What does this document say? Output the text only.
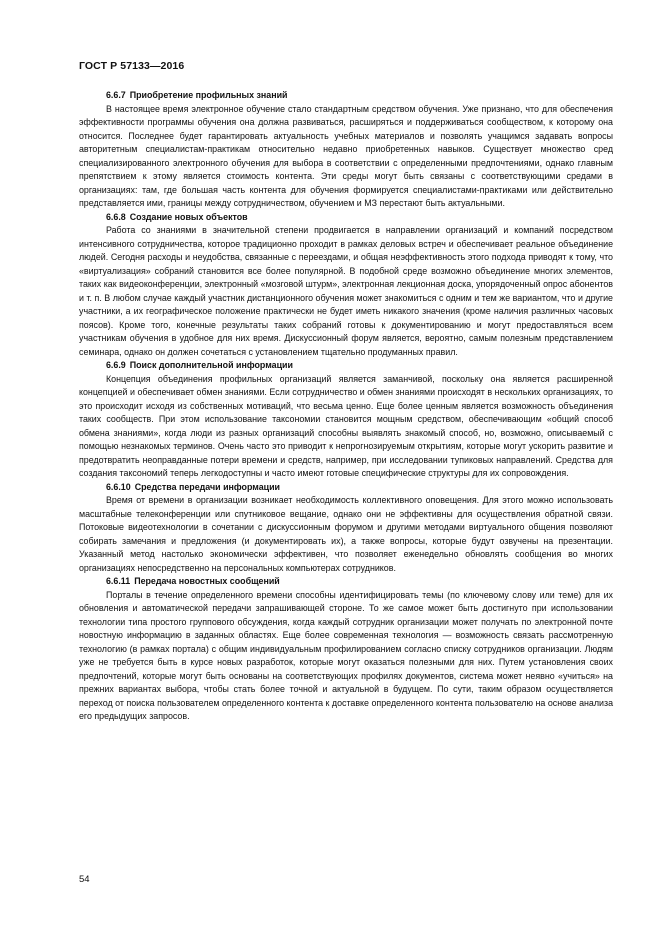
ГОСТ Р 57133—2016

6.6.7 Приобретение профильных знаний

В настоящее время электронное обучение стало стандартным средством обучения. Уже признано, что для обеспечения эффективности программы обучения она должна развиваться, расширяться и поддерживаться сообществом, к которому она относится. Последнее будет гарантировать актуальность учебных материалов и позволять учащимся задавать вопросы авторитетным специалистам-практикам относительно недавно приобретенных навыков. Существует множество сред специализированного электронного обучения для выбора в соответствии с определенными предпочтениями, однако главным препятствием к этому является стоимость контента. Эти среды могут быть связаны с соответствующими средами в организациях: там, где большая часть контента для обучения формируется специалистами-практиками или действительно представляется ими, границы между сотрудничеством, обучением и МЗ перестают быть актуальными.

6.6.8 Создание новых объектов

Работа со знаниями в значительной степени продвигается в направлении организаций и компаний посредством интенсивного сотрудничества, которое традиционно проходит в рамках деловых встреч и обеспечивает реальное объединение людей. Сегодня расходы и неудобства, связанные с переездами, и общая неэффективность этого подхода приводят к тому, что «виртуализация» собраний становится все более популярной. В подобной среде возможно объединение многих элементов, таких как видеоконференции, электронный «мозговой штурм», электронная лекционная доска, упорядоченный опрос абонентов и т. п. В любом случае каждый участник дистанционного обучения может знакомиться с одним и тем же вариантом, что и другие участники, а их географическое положение практически не будет иметь никакого значения (кроме наличия различных часовых поясов). Кроме того, конечные результаты таких собраний готовы к документированию и могут предоставляться всем участникам обучения в удобное для них время. Дискуссионный форум является, вероятно, самым полезным представлением семинара, однако он должен сочетаться с установлением тщательно продуманных правил.

6.6.9 Поиск дополнительной информации

Концепция объединения профильных организаций является заманчивой, поскольку она является расширенной концепцией и обеспечивает обмен знаниями. Если сотрудничество и обмен знаниями происходят в нескольких организациях, то это происходит исходя из собственных мотиваций, что весьма ценно. Еще более ценным является возможность объединения таких сообществ. При этом использование таксономии становится мощным средством, обеспечивающим «общий способ обмена знаниями», когда люди из разных организаций способны выявлять знакомый способ, но, возможно, описываемый с помощью незнакомых терминов. Очень часто это приводит к непрогнозируемым открытиям, которые могут ускорить развитие и предотвратить неоправданные потери времени и средств, например, при исследовании тупиковых направлений. Средства для создания таксономий теперь легкодоступны и часто имеют готовые специфические структуры для их сопровождения.

6.6.10 Средства передачи информации

Время от времени в организации возникает необходимость коллективного оповещения. Для этого можно использовать масштабные телеконференции или спутниковое вещание, однако они не эффективны для осуществления обратной связи. Потоковые видеотехнологии в сочетании с дискуссионным форумом и другими методами виртуального общения позволяют собирать замечания и предложения (и документировать их), а также вопросы, которые будут озвучены на презентации. Указанный метод настолько экономически эффективен, что позволяет еженедельно обновлять сообщения во многих организациях непосредственно на персональных компьютерах сотрудников.

6.6.11 Передача новостных сообщений

Порталы в течение определенного времени способны идентифицировать темы (по ключевому слову или теме) для их обновления и автоматической передачи запрашивающей стороне. То же самое может быть достигнуто при использовании технологии типа простого группового обсуждения, когда каждый сотрудник организации может получать по электронной почте новостную информацию в заданных областях. Еще более современная технология — возможность связать рассмотренную технологию (в рамках портала) с общим индивидуальным профилированием согласно списку сотрудников организации. Людям уже не требуется быть в курсе новых разработок, которые могут оказаться полезными для них. Путем установления своих предпочтений, которые могут быть основаны на соответствующих профилях документов, система может неявно «учиться» на прежних вариантах выбора, чтобы стать более точной и актуальной в будущем. По сути, таким образом осуществляется переход от поиска пользователем определенного контента к доставке определенного контента пользователю на основе анализа его предыдущих запросов.

54
